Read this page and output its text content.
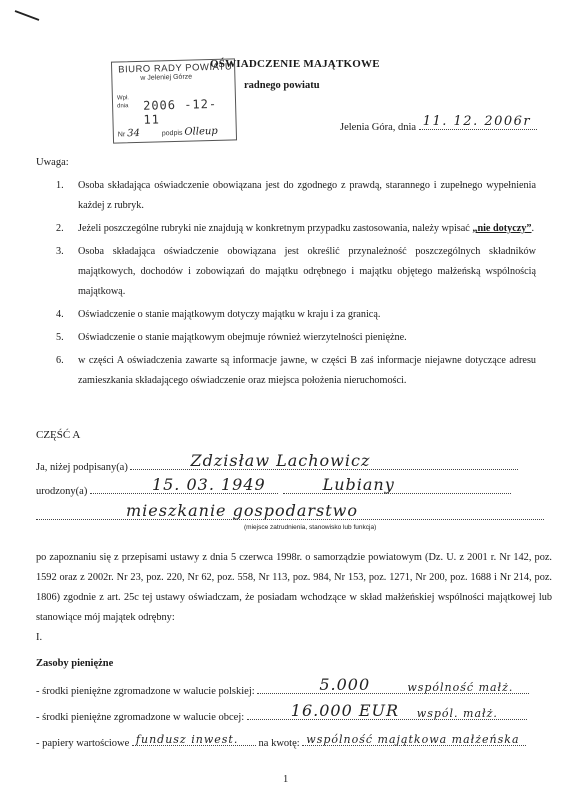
BIURO RADY POWIATU
w Jeleniej Górze
Wpł.
dnia 2006 -12- 11
Nr 34	podpis Olleup
OŚWIADCZENIE MAJĄTKOWE
radnego powiatu
Jelenia Góra, dnia 11. 12. 2006r
Uwaga:
1. Osoba składająca oświadczenie obowiązana jest do zgodnego z prawdą, starannego i zupełnego wypełnienia każdej z rubryk.
2. Jeżeli poszczególne rubryki nie znajdują w konkretnym przypadku zastosowania, należy wpisać „nie dotyczy”.
3. Osoba składająca oświadczenie obowiązana jest określić przynależność poszczególnych składników majątkowych, dochodów i zobowiązań do majątku odrębnego i majątku objętego małżeńską wspólnością majątkową.
4. Oświadczenie o stanie majątkowym dotyczy majątku w kraju i za granicą.
5. Oświadczenie o stanie majątkowym obejmuje również wierzytelności pieniężne.
6. w części A oświadczenia zawarte są informacje jawne, w części B zaś informacje niejawne dotyczące adresu zamieszkania składającego oświadczenie oraz miejsca położenia nieruchomości.
CZĘŚĆ A
Ja, niżej podpisany(a)	Zdzisław Lachowicz
urodzony(a)	15. 03. 1949
	Lubiany
mieszkanie gospodarstwo
(miejsce zatrudnienia, stanowisko lub funkcja)
po zapoznaniu się z przepisami ustawy z dnia 5 czerwca 1998r. o samorządzie powiatowym (Dz. U. z 2001 r. Nr 142, poz. 1592 oraz z 2002r. Nr 23, poz. 220, Nr 62, poz. 558, Nr 113, poz. 984, Nr 153, poz. 1271, Nr 200, poz. 1688 i Nr 214, poz. 1806) zgodnie z art. 25c tej ustawy oświadczam, że posiadam wchodzące w skład małżeńskiej wspólności majątkowej lub stanowiące mój majątek odrębny:
I.
Zasoby pieniężne
- środki pieniężne zgromadzone w walucie polskiej:	5.000	wspólność małż.
- środki pieniężne zgromadzone w walucie obcej:	16.000 EUR wspól. małż.
- papiery wartościowe fundusz inwest. na kwotę: wspólność majątkowa małżeńska
1
